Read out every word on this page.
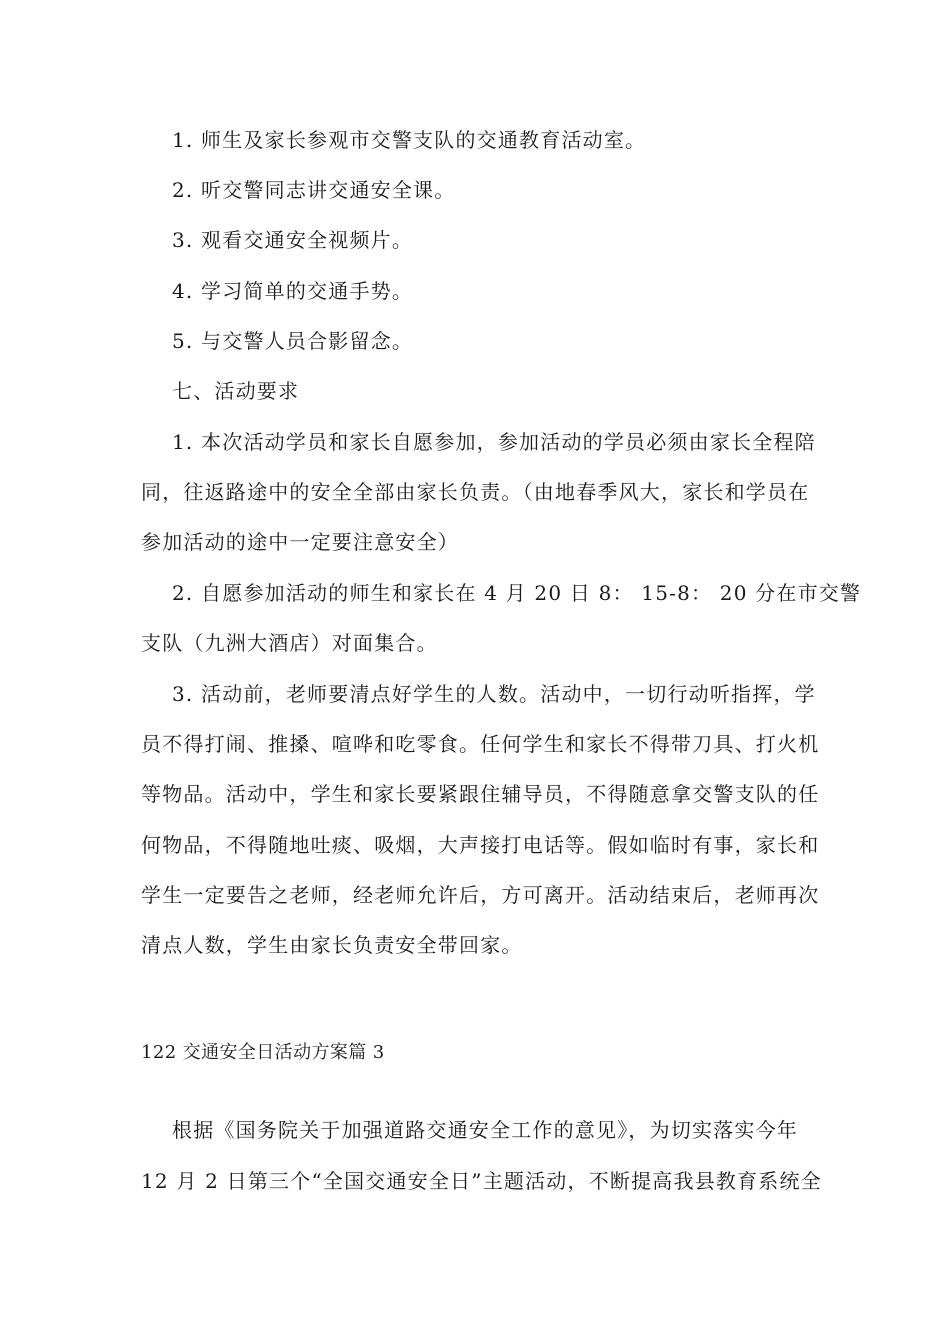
1. 师生及家长参观市交警支队的交通教育活动室。
2. 听交警同志讲交通安全课。
3. 观看交通安全视频片。
4. 学习简单的交通手势。
5. 与交警人员合影留念。
七、活动要求
1. 本次活动学员和家长自愿参加，参加活动的学员必须由家长全程陪
同，往返路途中的安全全部由家长负责。（由地春季风大，家长和学员在
参加活动的途中一定要注意安全）
2. 自愿参加活动的师生和家长在 4 月 20 日 8： 15-8： 20 分在市交警
支队（九洲大酒店）对面集合。
3. 活动前，老师要清点好学生的人数。活动中，一切行动听指挥，学
员不得打闹、推搡、喧哗和吃零食。任何学生和家长不得带刀具、打火机
等物品。活动中，学生和家长要紧跟住辅导员，不得随意拿交警支队的任
何物品，不得随地吐痰、吸烟，大声接打电话等。假如临时有事，家长和
学生一定要告之老师，经老师允许后，方可离开。活动结束后，老师再次
清点人数，学生由家长负责安全带回家。
122 交通安全日活动方案篇 3
根据《国务院关于加强道路交通安全工作的意见》，为切实落实今年
12 月 2 日第三个“全国交通安全日”主题活动，不断提高我县教育系统全
